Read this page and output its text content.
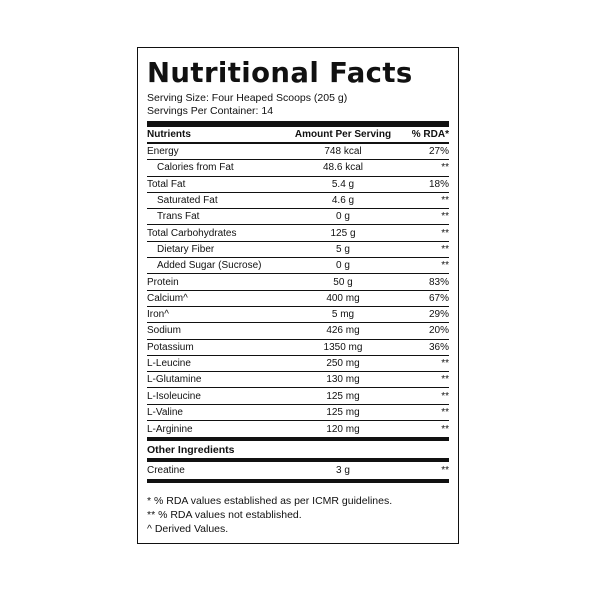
Nutritional Facts
Serving Size: Four Heaped Scoops (205 g)
Servings Per Container: 14
Nutrients	Amount Per Serving	% RDA*
Energy	748 kcal	27%
Calories from Fat	48.6 kcal	**
Total Fat	5.4 g	18%
Saturated Fat	4.6 g	**
Trans Fat	0 g	**
Total Carbohydrates	125 g	**
Dietary Fiber	5 g	**
Added Sugar (Sucrose)	0 g	**
Protein	50 g	83%
Calcium^	400 mg	67%
Iron^	5 mg	29%
Sodium	426 mg	20%
Potassium	1350 mg	36%
L-Leucine	250 mg	**
L-Glutamine	130 mg	**
L-Isoleucine	125 mg	**
L-Valine	125 mg	**
L-Arginine	120 mg	**
Other Ingredients
Creatine	3 g	**
* % RDA values established as per ICMR guidelines.
** % RDA values not established.
^ Derived Values.
